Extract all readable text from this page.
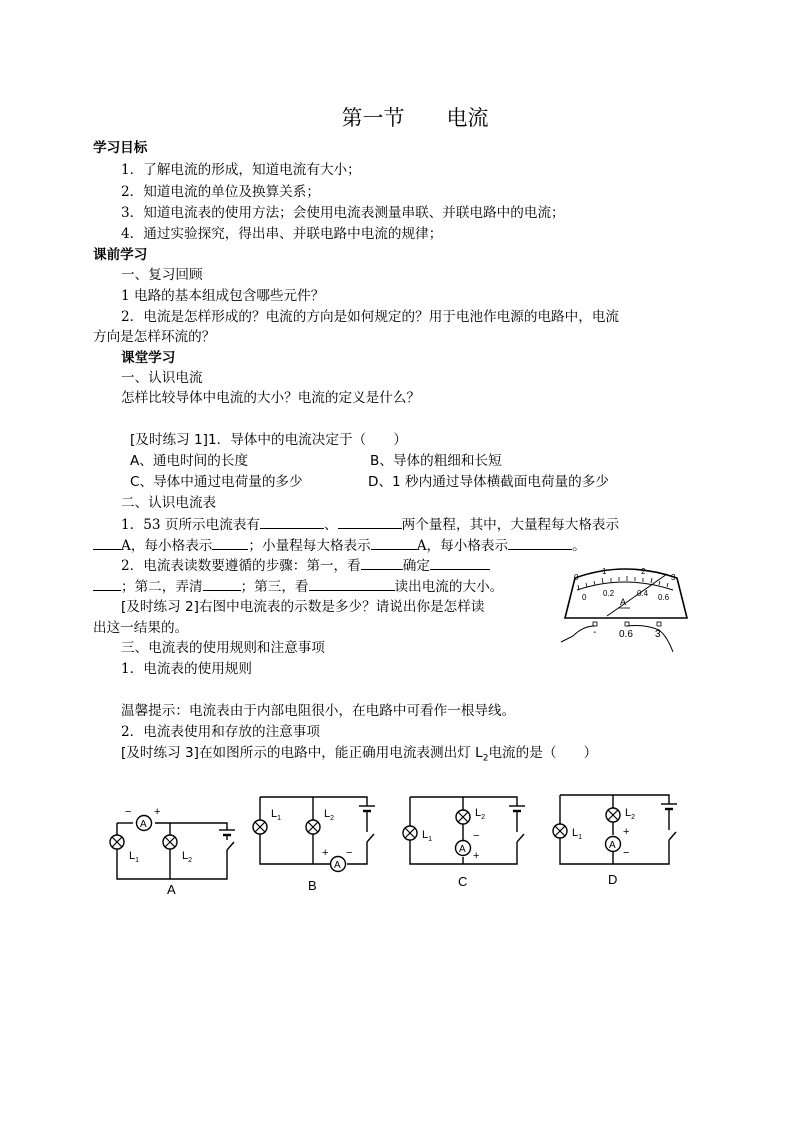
第一节　　电流
学习目标
1．了解电流的形成，知道电流有大小；
2．知道电流的单位及换算关系；
3．知道电流表的使用方法；会使用电流表测量串联、并联电路中的电流；
4．通过实验探究，得出串、并联电路中电流的规律；
课前学习
一、复习回顾
1 电路的基本组成包含哪些元件？
2．电流是怎样形成的？电流的方向是如何规定的？用于电池作电源的电路中，电流
方向是怎样环流的？
课堂学习
一、认识电流
怎样比较导体中电流的大小？电流的定义是什么？
[及时练习 1]1．导体中的电流决定于（　　）
A、通电时间的长度	B、导体的粗细和长短
C、导体中通过电荷量的多少	D、1 秒内通过导体横截面电荷量的多少
二、认识电流表
1．53 页所示电流表有	、	两个量程，其中，大量程每大格表示
A，每小格表示	；小量程每大格表示	A，每小格表示	。
2．电流表读数要遵循的步骤：第一，看	确定
；第二，弄清	；第三，看	读出电流的大小。
[及时练习 2]右图中电流表的示数是多少？请说出你是怎样读
出这一结果的。
三、电流表的使用规则和注意事项
1．电流表的使用规则
温馨提示：电流表由于内部电阻很小，在电路中可看作一根导线。
2．电流表使用和存放的注意事项
[及时练习 3]在如图所示的电路中，能正确用电流表测出灯 $L_2$电流的是（　　）
0
1	2
3
0 0.2	0.4 0.6
A
- 0.6 3
A
− +
$L_1$	$L_2$
A
$L_1$	$L_2$
A
+ −
B
$L_1$
$L_2$
A
−
+
C
$L_1$
$L_2$
A
+
−
D
